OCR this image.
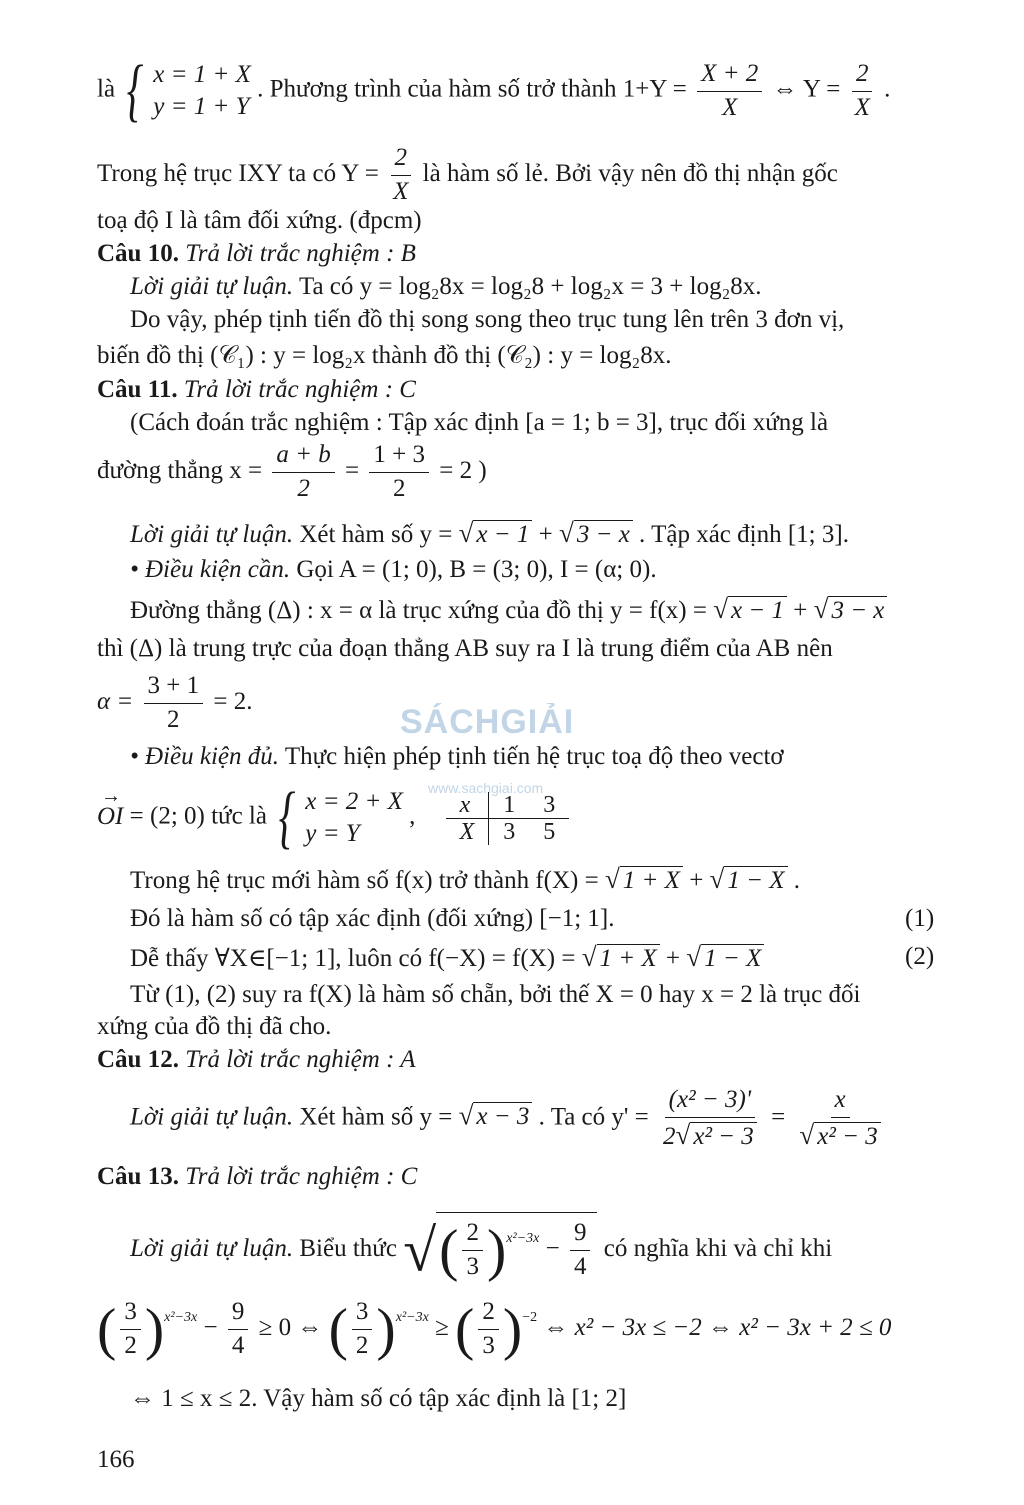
SÁCHGIẢI
www.sachgiai.com
là { x = 1 + X
y = 1 + Y
. Phương trình của hàm số trở thành $1+Y = \frac{X + 2}{X}$ ⇔ $Y = \frac{2}{X}$ .
Trong hệ trục IXY ta có $Y = \frac{2}{X}$ là hàm số lẻ. Bởi vậy nên đồ thị nhận gốc
toạ độ I là tâm đối xứng. (đpcm)
Câu 10. Trả lời trắc nghiệm : B
Lời giải tự luận. Ta có y = log₂8x = log₂8 + log₂x = 3 + log₂8x.
Do vậy, phép tịnh tiến đồ thị song song theo trục tung lên trên 3 đơn vị,
biến đồ thị (𝒞₁) : y = log₂x thành đồ thị (𝒞₂) : y = log₂8x.
Câu 11. Trả lời trắc nghiệm : C
(Cách đoán trắc nghiệm : Tập xác định [a = 1; b = 3], trục đối xứng là
đường thẳng $x = \frac{a + b}{2} = \frac{1 + 3}{2} = 2$ )
Lời giải tự luận. Xét hàm số y = √ x − 1 + √ 3 − x . Tập xác định [1; 3].
• Điều kiện cần. Gọi A = (1; 0), B = (3; 0), I = (α; 0).
Đường thẳng (Δ) : x = α là trục xứng của đồ thị y = f(x) = √ x − 1 + √ 3 − x
thì (Δ) là trung trực của đoạn thẳng AB suy ra I là trung điểm của AB nên
$\alpha = \frac{3 + 1}{2} = 2$.
• Điều kiện đủ. Thực hiện phép tịnh tiến hệ trục toạ độ theo vectơ
→ OI = (2; 0) tức là { x = 2 + X
y = Y
, x	1	3
X	3	5
Trong hệ trục mới hàm số f(x) trở thành f(X) = √ 1 + X + √ 1 − X .
Đó là hàm số có tập xác định (đối xứng) [−1; 1].	(1)
Dễ thấy ∀X∈[−1; 1], luôn có f(−X) = f(X) = √ 1 + X + √ 1 − X	(2)
Từ (1), (2) suy ra f(X) là hàm số chẵn, bởi thế X = 0 hay x = 2 là trục đối
xứng của đồ thị đã cho.
Câu 12. Trả lời trắc nghiệm : A
Lời giải tự luận. Xét hàm số y = √ x − 3 . Ta có $y' = \frac{\text{(x² − 3)'}}{\text{2√ x² − 3}} = \frac{x}{\text{√ x² − 3}}$
Câu 13. Trả lời trắc nghiệm : C
Lời giải tự luận. Biểu thức √( $\frac{2}{3} )^{x^2-3x} - \frac{9}{4}$ có nghĩa khi và chỉ khi
( $\frac{3}{2} )^{x^2-3x} - \frac{9}{4} \ge 0$ ⇔ ( $\frac{3}{2} )^{x^2-3x}$ ≥ ( $\frac{2}{3} )^{-2}$ ⇔ x² − 3x ≤ −2 ⇔ x² − 3x + 2 ≤ 0
⇔ 1 ≤ x ≤ 2. Vậy hàm số có tập xác định là [1; 2]
166
